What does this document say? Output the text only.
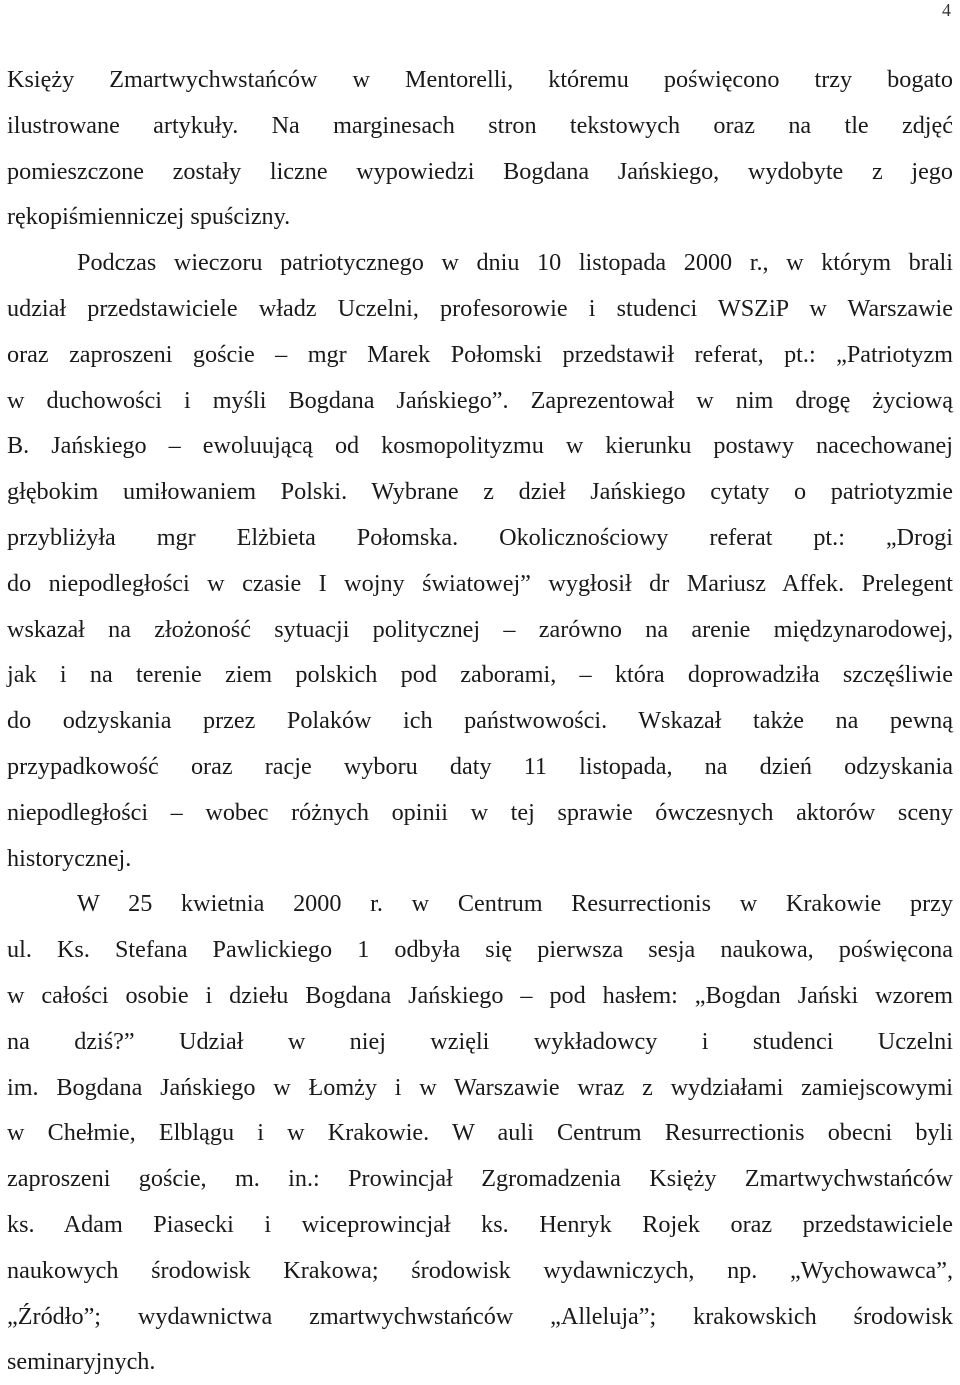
4
Księży Zmartwychwstańców w Mentorelli, któremu poświęcono trzy bogato
ilustrowane artykuły. Na marginesach stron tekstowych oraz na tle zdjęć
pomieszczone zostały liczne wypowiedzi Bogdana Jańskiego, wydobyte z jego
rękopiśmienniczej spuścizny.
Podczas wieczoru patriotycznego w dniu 10 listopada 2000 r., w którym brali
udział przedstawiciele władz Uczelni, profesorowie i studenci WSZiP w Warszawie
oraz zaproszeni goście – mgr Marek Połomski przedstawił referat, pt.: „Patriotyzm
w duchowości i myśli Bogdana Jańskiego”. Zaprezentował w nim drogę życiową
B. Jańskiego – ewoluującą od kosmopolityzmu w kierunku postawy nacechowanej
głębokim umiłowaniem Polski. Wybrane z dzieł Jańskiego cytaty o patriotyzmie
przybliżyła mgr Elżbieta Połomska. Okolicznościowy referat pt.: „Drogi
do niepodległości w czasie I wojny światowej” wygłosił dr Mariusz Affek. Prelegent
wskazał na złożoność sytuacji politycznej – zarówno na arenie międzynarodowej,
jak i na terenie ziem polskich pod zaborami, – która doprowadziła szczęśliwie
do odzyskania przez Polaków ich państwowości. Wskazał także na pewną
przypadkowość oraz racje wyboru daty 11 listopada, na dzień odzyskania
niepodległości – wobec różnych opinii w tej sprawie ówczesnych aktorów sceny
historycznej.
W 25 kwietnia 2000 r. w Centrum Resurrectionis w Krakowie przy
ul. Ks. Stefana Pawlickiego 1 odbyła się pierwsza sesja naukowa, poświęcona
w całości osobie i dziełu Bogdana Jańskiego – pod hasłem: „Bogdan Jański wzorem
na dziś?” Udział w niej wzięli wykładowcy i studenci Uczelni
im. Bogdana Jańskiego w Łomży i w Warszawie wraz z wydziałami zamiejscowymi
w Chełmie, Elblągu i w Krakowie. W auli Centrum Resurrectionis obecni byli
zaproszeni goście, m. in.: Prowincjał Zgromadzenia Księży Zmartwychwstańców
ks. Adam Piasecki i wiceprowincjał ks. Henryk Rojek oraz przedstawiciele
naukowych środowisk Krakowa; środowisk wydawniczych, np. „Wychowawca”,
„Źródło”; wydawnictwa zmartwychwstańców „Alleluja”; krakowskich środowisk
seminaryjnych.
